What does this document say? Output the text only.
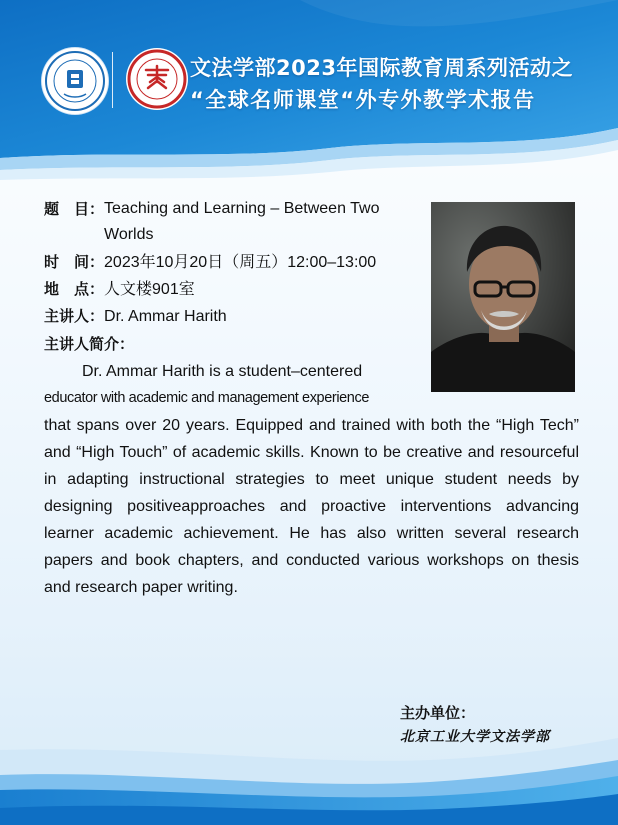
文法学部2023年国际教育周系列活动之
“全球名师课堂“外专外教学术报告
题　目：Teaching and Learning – Between Two Worlds
时　间：2023年10月20日（周五）12:00–13:00
地　点：人文楼901室
主讲人：Dr. Ammar Harith
主讲人简介：
Dr. Ammar Harith is a student–centered
educator with academic and management experience
that spans over 20 years. Equipped and trained with both the “High Tech” and “High Touch” of academic skills. Known to be creative and resourceful in adapting instructional strategies to meet unique student needs by designing positiveapproaches and proactive interventions advancing learner academic achievement. He has also written several research papers and book chapters, and conducted various workshops on thesis and research paper writing.
主办单位：
北京工业大学文法学部
